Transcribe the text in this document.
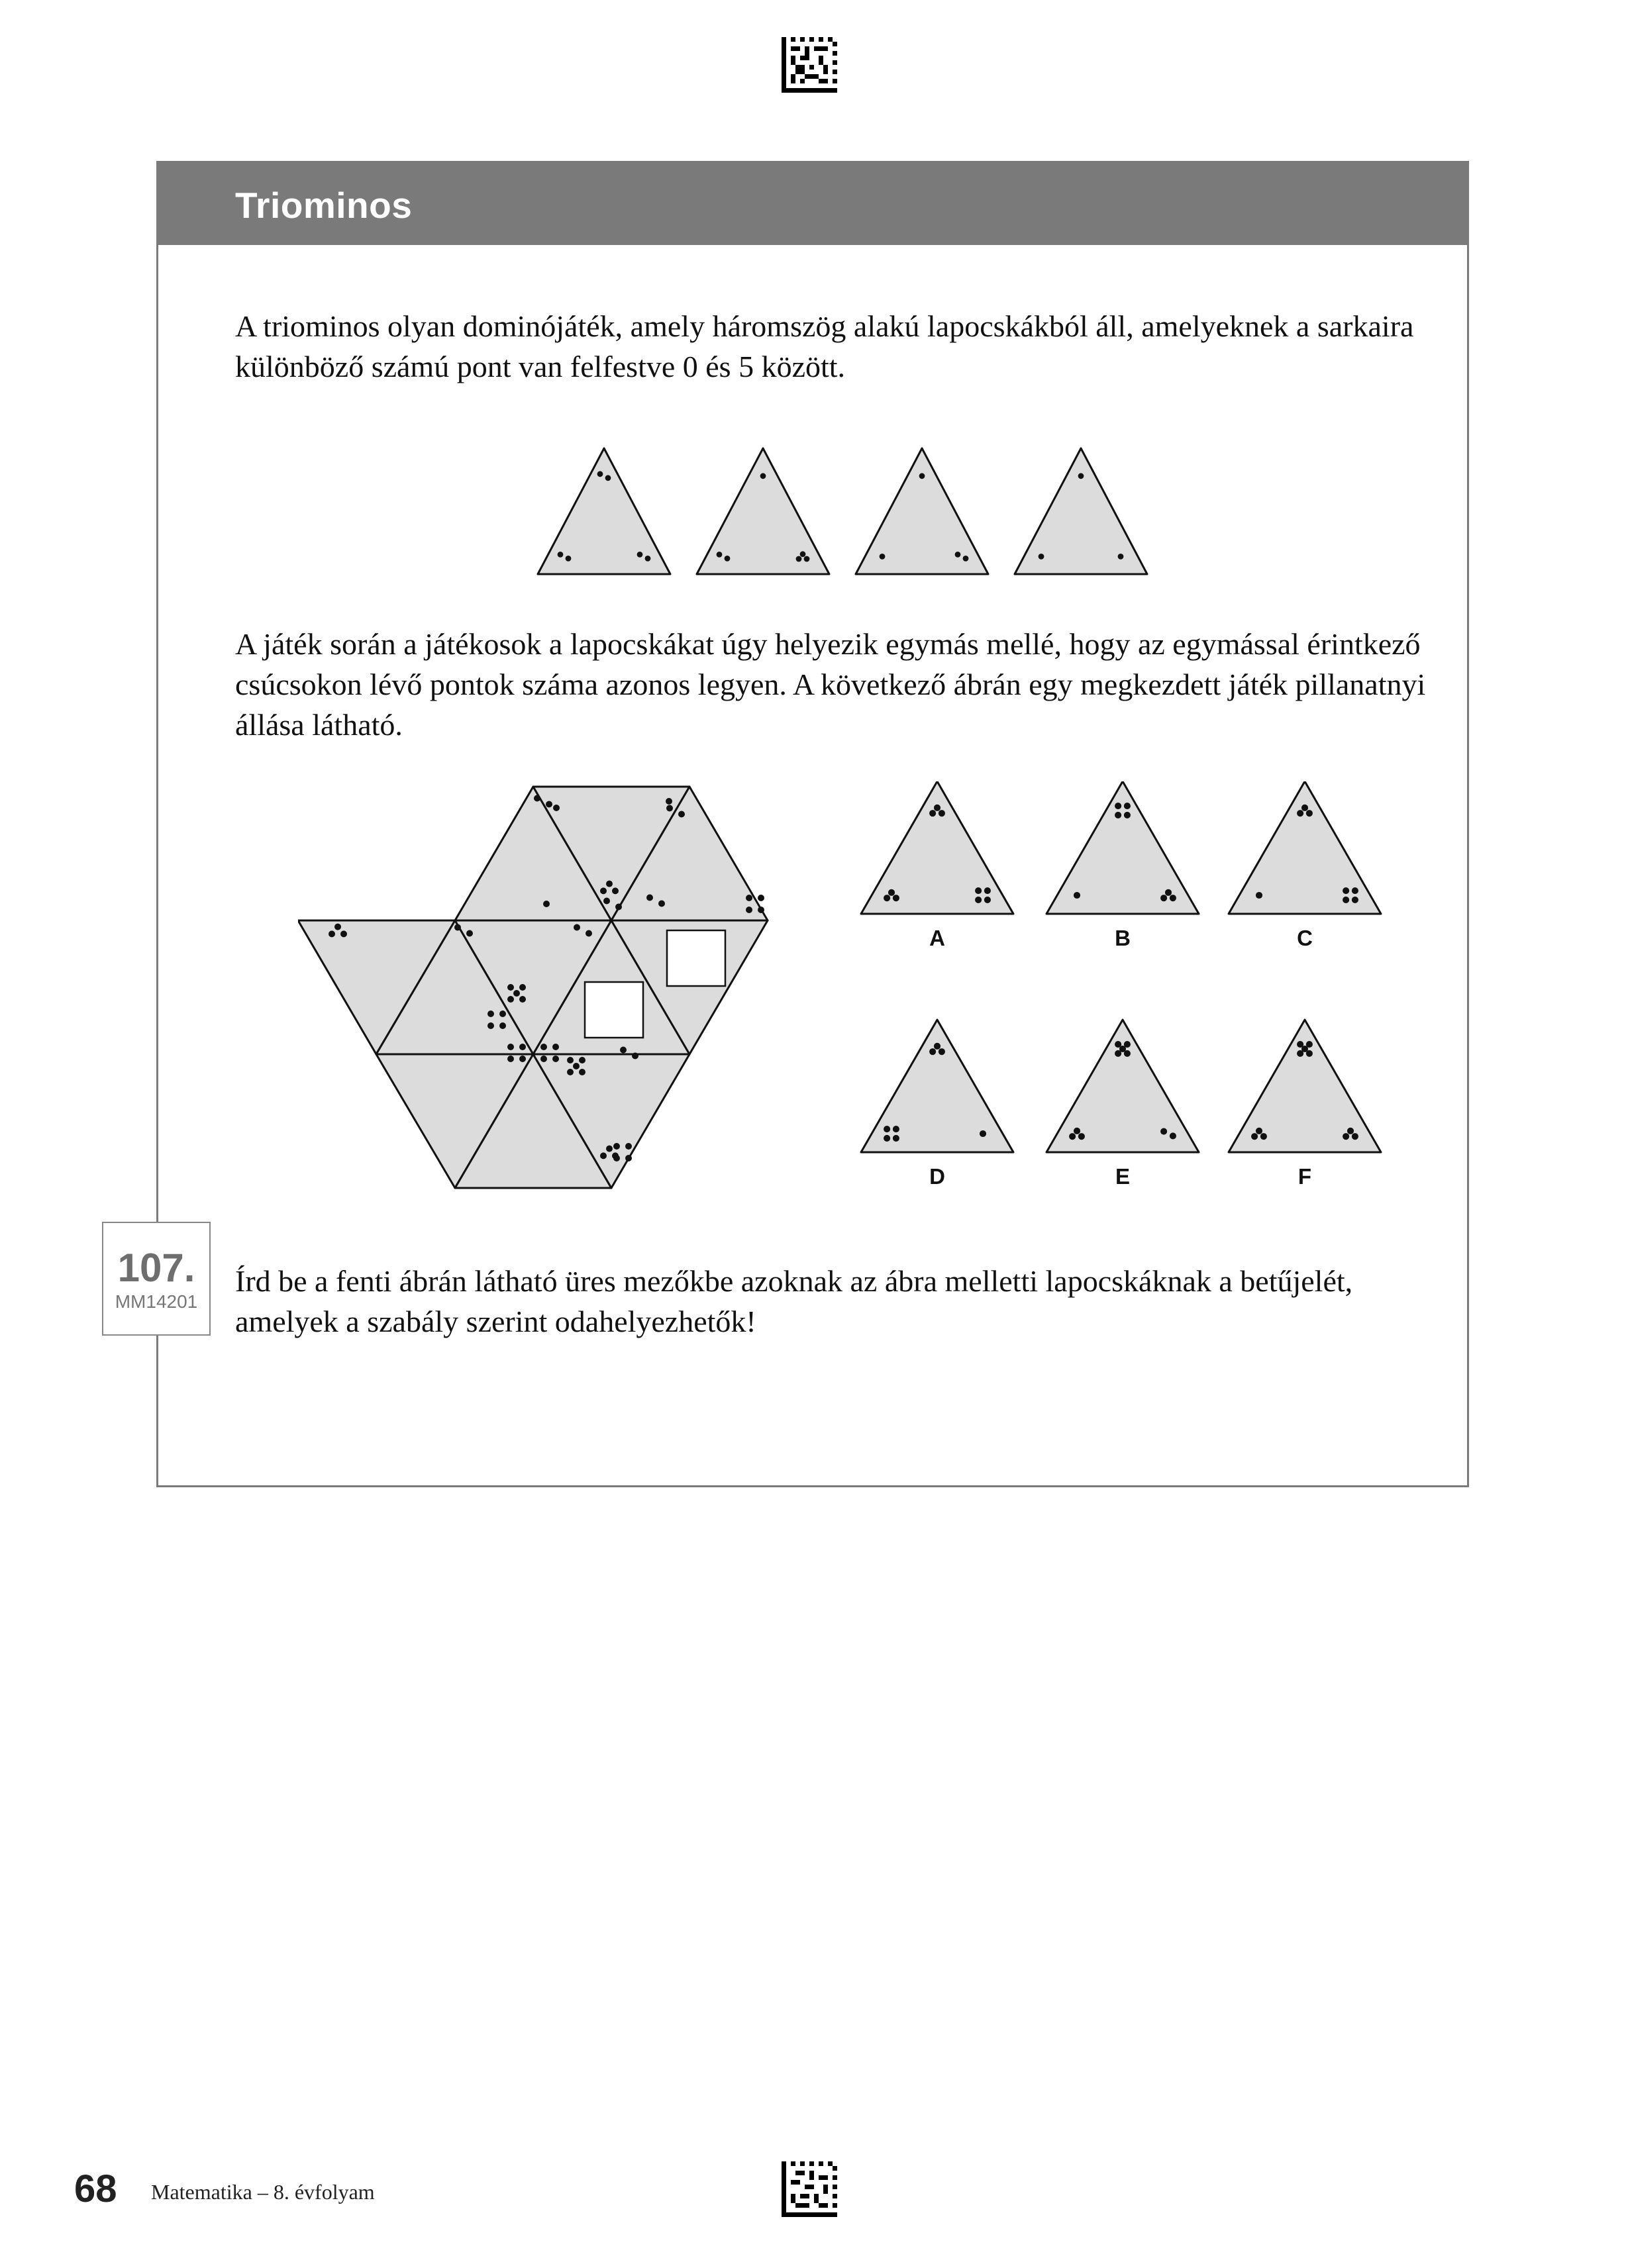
Triominos

A triominos olyan dominójáték, amely háromszög alakú lapocskákból áll, amelyeknek a sarkaira különböző számú pont van felfestve 0 és 5 között.

A játék során a játékosok a lapocskákat úgy helyezik egymás mellé, hogy az egymással érintkező csúcsokon lévő pontok száma azonos legyen. A következő ábrán egy megkezdett játék pillanatnyi állása látható.

A	B	C
D	E	F
107.
MM14201

Írd be a fenti ábrán látható üres mezőkbe azoknak az ábra melletti lapocskáknak a betűjelét, amelyek a szabály szerint odahelyezhetők!

68 Matematika – 8. évfolyam
